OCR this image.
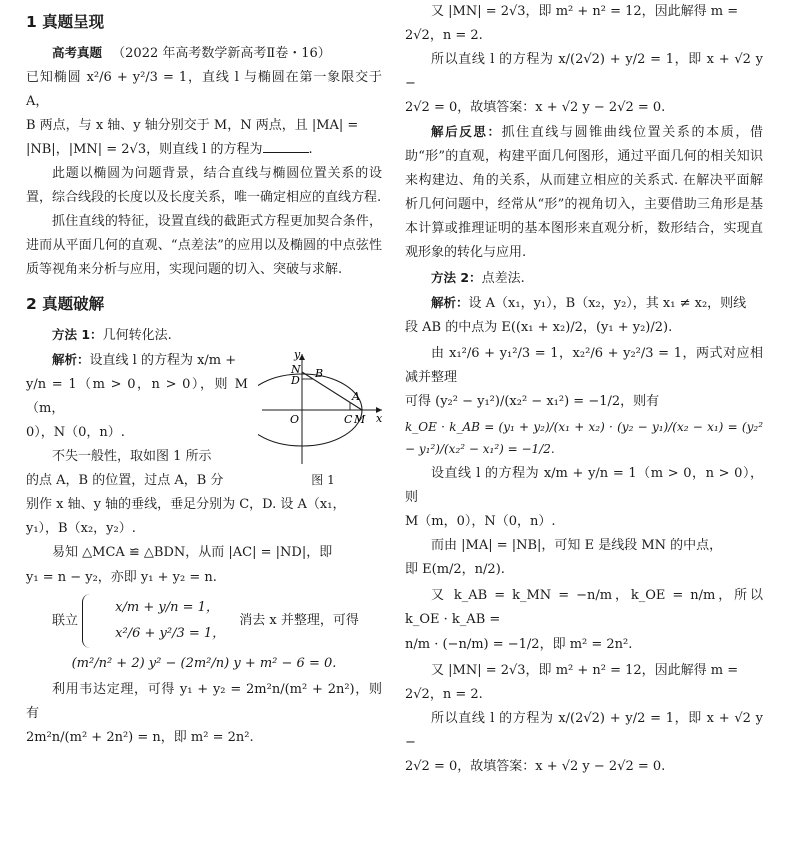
1 真题呈现

高考真题 （2022 年高考数学新高考Ⅱ卷・16）

已知椭圆 x²/6 + y²/3 = 1，直线 l 与椭圆在第一象限交于 A，

B 两点，与 x 轴、y 轴分别交于 M，N 两点，且 |MA| =

|NB|，|MN| = 2√3，则直线 l 的方程为	.

此题以椭圆为问题背景，结合直线与椭圆位置关系的设置，综合线段的长度以及长度关系，唯一确定相应的直线方程.

抓住直线的特征，设置直线的截距式方程更加契合条件，进而从平面几何的直观、“点差法”的应用以及椭圆的中点弦性质等视角来分析与应用，实现问题的切入、突破与求解.

2 真题破解

方法 1：几何转化法.

y
x
N B
D
A
O	C M
图 1

解析：设直线 l 的方程为 x/m +

y/n = 1（m > 0，n > 0），则 M（m，

0），N（0，n）.

不失一般性，取如图 1 所示

的点 A，B 的位置，过点 A，B 分

别作 x 轴、y 轴的垂线，垂足分别为 C，D. 设 A（x₁，

y₁），B（x₂，y₂）.

易知 △MCA ≌ △BDN，从而 |AC| = |ND|，即

y₁ = n − y₂，亦即 y₁ + y₂ = n.

联立
x/m + y/n = 1，
x²/6 + y²/3 = 1，
消去 x 并整理，可得

(m²/n² + 2) y² − (2m²/n) y + m² − 6 = 0.

利用韦达定理，可得 y₁ + y₂ = 2m²n/(m² + 2n²)，则有

2m²n/(m² + 2n²) = n，即 m² = 2n².

又 |MN| = 2√3，即 m² + n² = 12，因此解得 m =

2√2，n = 2.

所以直线 l 的方程为 x/(2√2) + y/2 = 1，即 x + √2 y −

2√2 = 0，故填答案：x + √2 y − 2√2 = 0.

解后反思：抓住直线与圆锥曲线位置关系的本质，借助“形”的直观，构建平面几何图形，通过平面几何的相关知识来构建边、角的关系，从而建立相应的关系式. 在解决平面解析几何问题中，经常从“形”的视角切入，主要借助三角形是基本计算或推理证明的基本图形来直观分析，数形结合，实现直观形象的转化与应用.

方法 2：点差法.

解析：设 A（x₁，y₁），B（x₂，y₂），其 x₁ ≠ x₂，则线

段 AB 的中点为 E((x₁ + x₂)/2，(y₁ + y₂)/2).

由 x₁²/6 + y₁²/3 = 1，x₂²/6 + y₂²/3 = 1，两式对应相减并整理

可得 (y₂² − y₁²)/(x₂² − x₁²) = −1/2，则有

k_OE · k_AB = (y₁ + y₂)/(x₁ + x₂) · (y₂ − y₁)/(x₂ − x₁) = (y₂² − y₁²)/(x₂² − x₁²) = −1/2.

设直线 l 的方程为 x/m + y/n = 1（m > 0，n > 0），则

M（m，0），N（0，n）.

而由 |MA| = |NB|，可知 E 是线段 MN 的中点，

即 E(m/2，n/2).

又 k_AB = k_MN = −n/m，k_OE = n/m，所以 k_OE · k_AB =

n/m · (−n/m) = −1/2，即 m² = 2n².

又 |MN| = 2√3，即 m² + n² = 12，因此解得 m =

2√2，n = 2.

所以直线 l 的方程为 x/(2√2) + y/2 = 1，即 x + √2 y −

2√2 = 0，故填答案：x + √2 y − 2√2 = 0.
